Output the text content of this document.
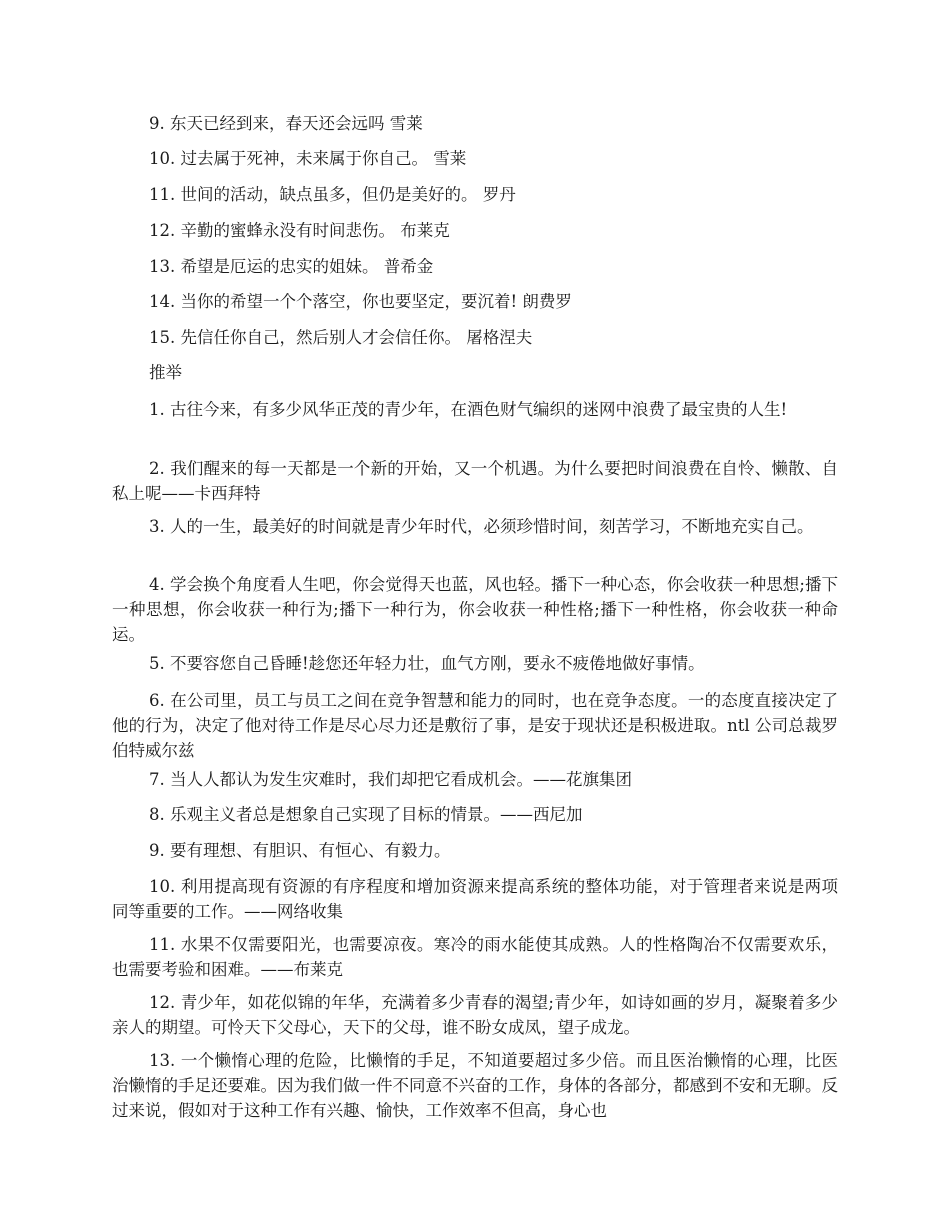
9. 东天已经到来，春天还会远吗 雪莱

10. 过去属于死神，未来属于你自己。 雪莱

11. 世间的活动，缺点虽多，但仍是美好的。 罗丹

12. 辛勤的蜜蜂永没有时间悲伤。 布莱克

13. 希望是厄运的忠实的姐妹。 普希金

14. 当你的希望一个个落空，你也要坚定，要沉着! 朗费罗

15. 先信任你自己，然后别人才会信任你。 屠格涅夫

推举

1. 古往今来，有多少风华正茂的青少年，在酒色财气编织的迷网中浪费了最宝贵的人生!

2. 我们醒来的每一天都是一个新的开始，又一个机遇。为什么要把时间浪费在自怜、懒散、自私上呢——卡西拜特

3. 人的一生，最美好的时间就是青少年时代，必须珍惜时间，刻苦学习，不断地充实自己。

4. 学会换个角度看人生吧，你会觉得天也蓝，风也轻。播下一种心态，你会收获一种思想;播下一种思想，你会收获一种行为;播下一种行为，你会收获一种性格;播下一种性格，你会收获一种命运。

5. 不要容您自己昏睡!趁您还年轻力壮，血气方刚，要永不疲倦地做好事情。

6. 在公司里，员工与员工之间在竞争智慧和能力的同时，也在竞争态度。一的态度直接决定了他的行为，决定了他对待工作是尽心尽力还是敷衍了事，是安于现状还是积极进取。ntl 公司总裁罗伯特威尔兹

7. 当人人都认为发生灾难时，我们却把它看成机会。——花旗集团

8. 乐观主义者总是想象自己实现了目标的情景。——西尼加

9. 要有理想、有胆识、有恒心、有毅力。

10. 利用提高现有资源的有序程度和增加资源来提高系统的整体功能，对于管理者来说是两项同等重要的工作。——网络收集

11. 水果不仅需要阳光，也需要凉夜。寒冷的雨水能使其成熟。人的性格陶冶不仅需要欢乐，也需要考验和困难。——布莱克

12. 青少年，如花似锦的年华，充满着多少青春的渴望;青少年，如诗如画的岁月，凝聚着多少亲人的期望。可怜天下父母心，天下的父母，谁不盼女成凤，望子成龙。

13. 一个懒惰心理的危险，比懒惰的手足，不知道要超过多少倍。而且医治懒惰的心理，比医治懒惰的手足还要难。因为我们做一件不同意不兴奋的工作，身体的各部分，都感到不安和无聊。反过来说，假如对于这种工作有兴趣、愉快，工作效率不但高，身心也
